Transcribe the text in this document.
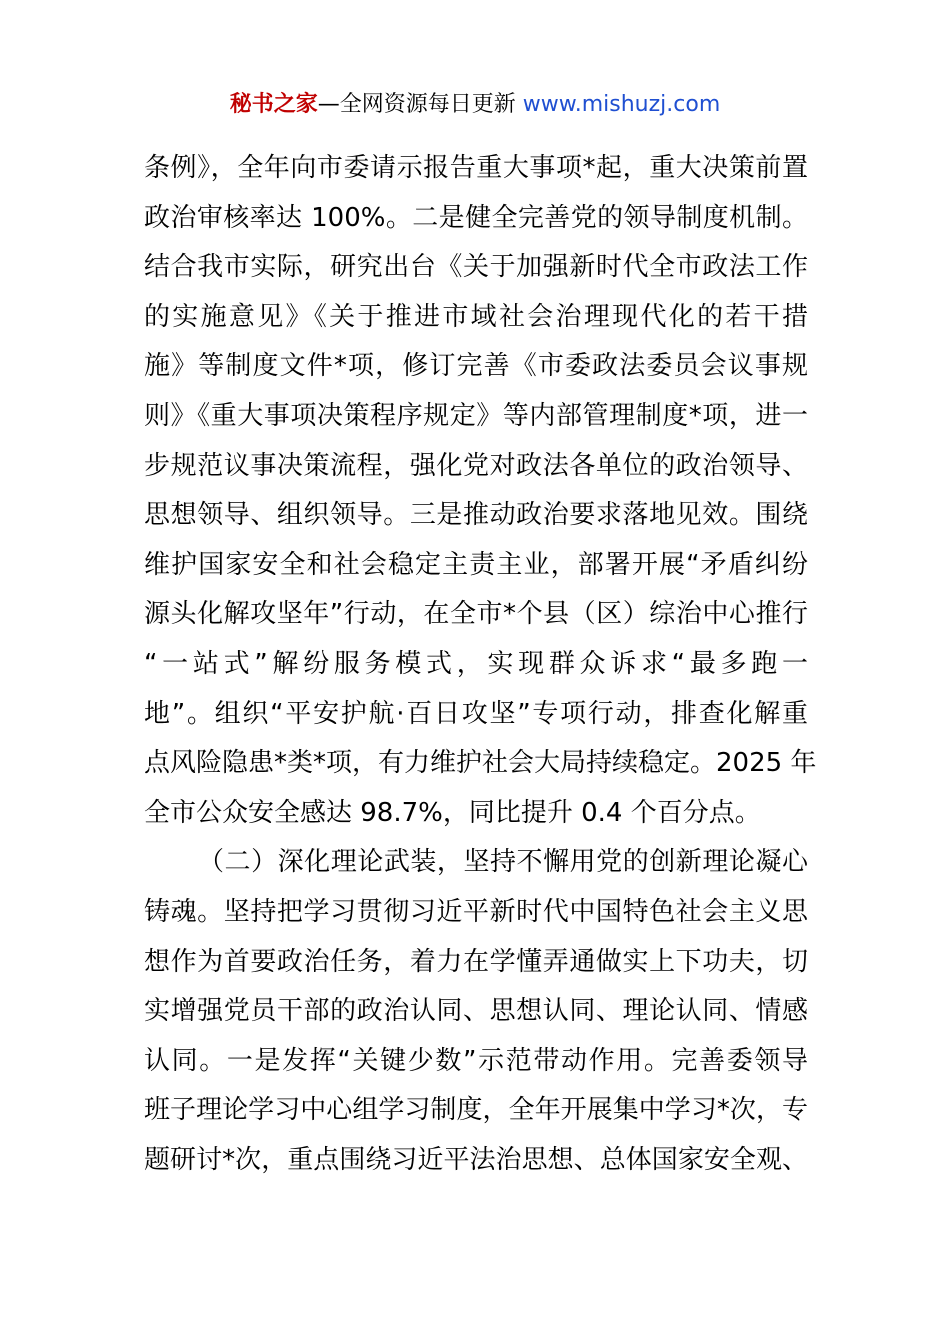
秘书之家—全网资源每日更新 www.mishuzj.com
条例》，全年向市委请示报告重大事项*起，重大决策前置
政治审核率达 100%。二是健全完善党的领导制度机制。
结合我市实际，研究出台《关于加强新时代全市政法工作
的实施意见》《关于推进市域社会治理现代化的若干措
施》等制度文件*项，修订完善《市委政法委员会议事规
则》《重大事项决策程序规定》等内部管理制度*项，进一
步规范议事决策流程，强化党对政法各单位的政治领导、
思想领导、组织领导。三是推动政治要求落地见效。围绕
维护国家安全和社会稳定主责主业，部署开展“矛盾纠纷
源头化解攻坚年”行动，在全市*个县（区）综治中心推行
“一站式”解纷服务模式，实现群众诉求“最多跑一
地”。组织“平安护航·百日攻坚”专项行动，排查化解重
点风险隐患*类*项，有力维护社会大局持续稳定。2025 年
全市公众安全感达 98.7%，同比提升 0.4 个百分点。
（二）深化理论武装，坚持不懈用党的创新理论凝心
铸魂。坚持把学习贯彻习近平新时代中国特色社会主义思
想作为首要政治任务，着力在学懂弄通做实上下功夫，切
实增强党员干部的政治认同、思想认同、理论认同、情感
认同。一是发挥“关键少数”示范带动作用。完善委领导
班子理论学习中心组学习制度，全年开展集中学习*次，专
题研讨*次，重点围绕习近平法治思想、总体国家安全观、
